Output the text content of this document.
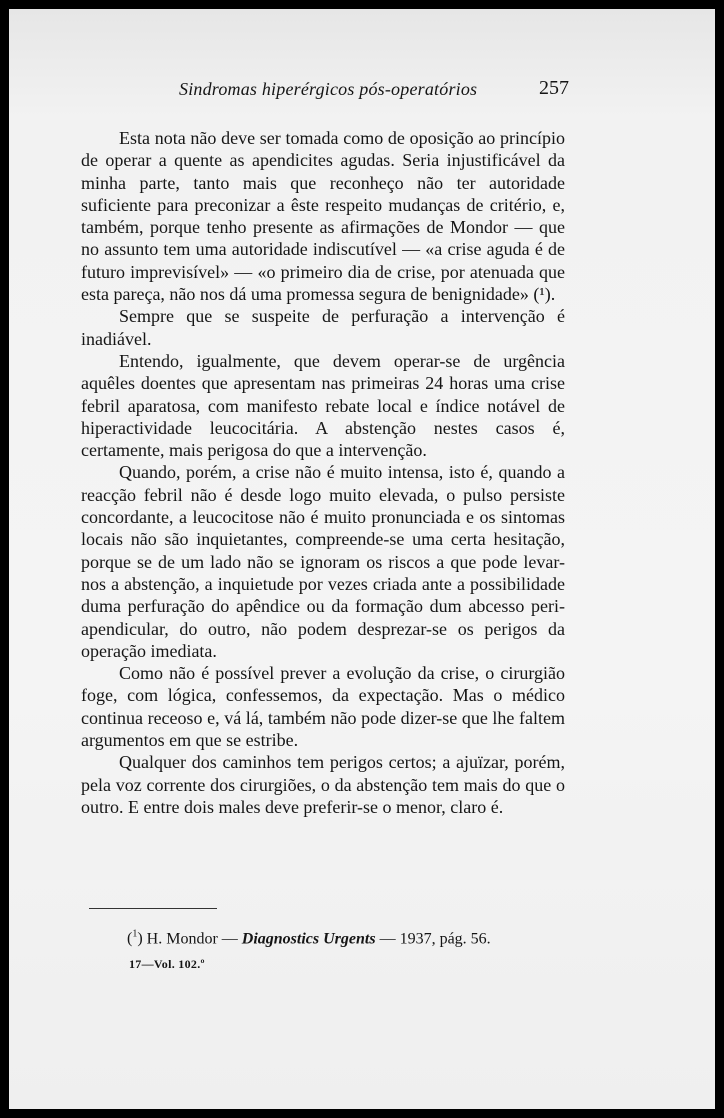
Sindromas hiperérgicos pós-operatórios	257

Esta nota não deve ser tomada como de oposição ao princípio de operar a quente as apendicites agudas. Seria injustificável da minha parte, tanto mais que reconheço não ter autoridade suficiente para preconizar a êste respeito mudanças de critério, e, também, porque tenho presente as afirmações de Mondor — que no assunto tem uma autoridade indiscutível — «a crise aguda é de futuro imprevisível» — «o primeiro dia de crise, por atenuada que esta pareça, não nos dá uma promessa segura de benignidade» (¹).

Sempre que se suspeite de perfuração a intervenção é inadiável.

Entendo, igualmente, que devem operar-se de urgência aquêles doentes que apresentam nas primeiras 24 horas uma crise febril aparatosa, com manifesto rebate local e índice notável de hiperactividade leucocitária. A abstenção nestes casos é, certamente, mais perigosa do que a intervenção.

Quando, porém, a crise não é muito intensa, isto é, quando a reacção febril não é desde logo muito elevada, o pulso persiste concordante, a leucocitose não é muito pronunciada e os sintomas locais não são inquietantes, compreende-se uma certa hesitação, porque se de um lado não se ignoram os riscos a que pode levar-nos a abstenção, a inquietude por vezes criada ante a possibilidade duma perfuração do apêndice ou da formação dum abcesso peri-apendicular, do outro, não podem desprezar-se os perigos da operação imediata.

Como não é possível prever a evolução da crise, o cirurgião foge, com lógica, confessemos, da expectação. Mas o médico continua receoso e, vá lá, também não pode dizer-se que lhe faltem argumentos em que se estribe.

Qualquer dos caminhos tem perigos certos; a ajuïzar, porém, pela voz corrente dos cirurgiões, o da abstenção tem mais do que o outro. E entre dois males deve preferir-se o menor, claro é.

($^1$) H. Mondor — Diagnostics Urgents — 1937, pág. 56.
17—Vol. 102.º
